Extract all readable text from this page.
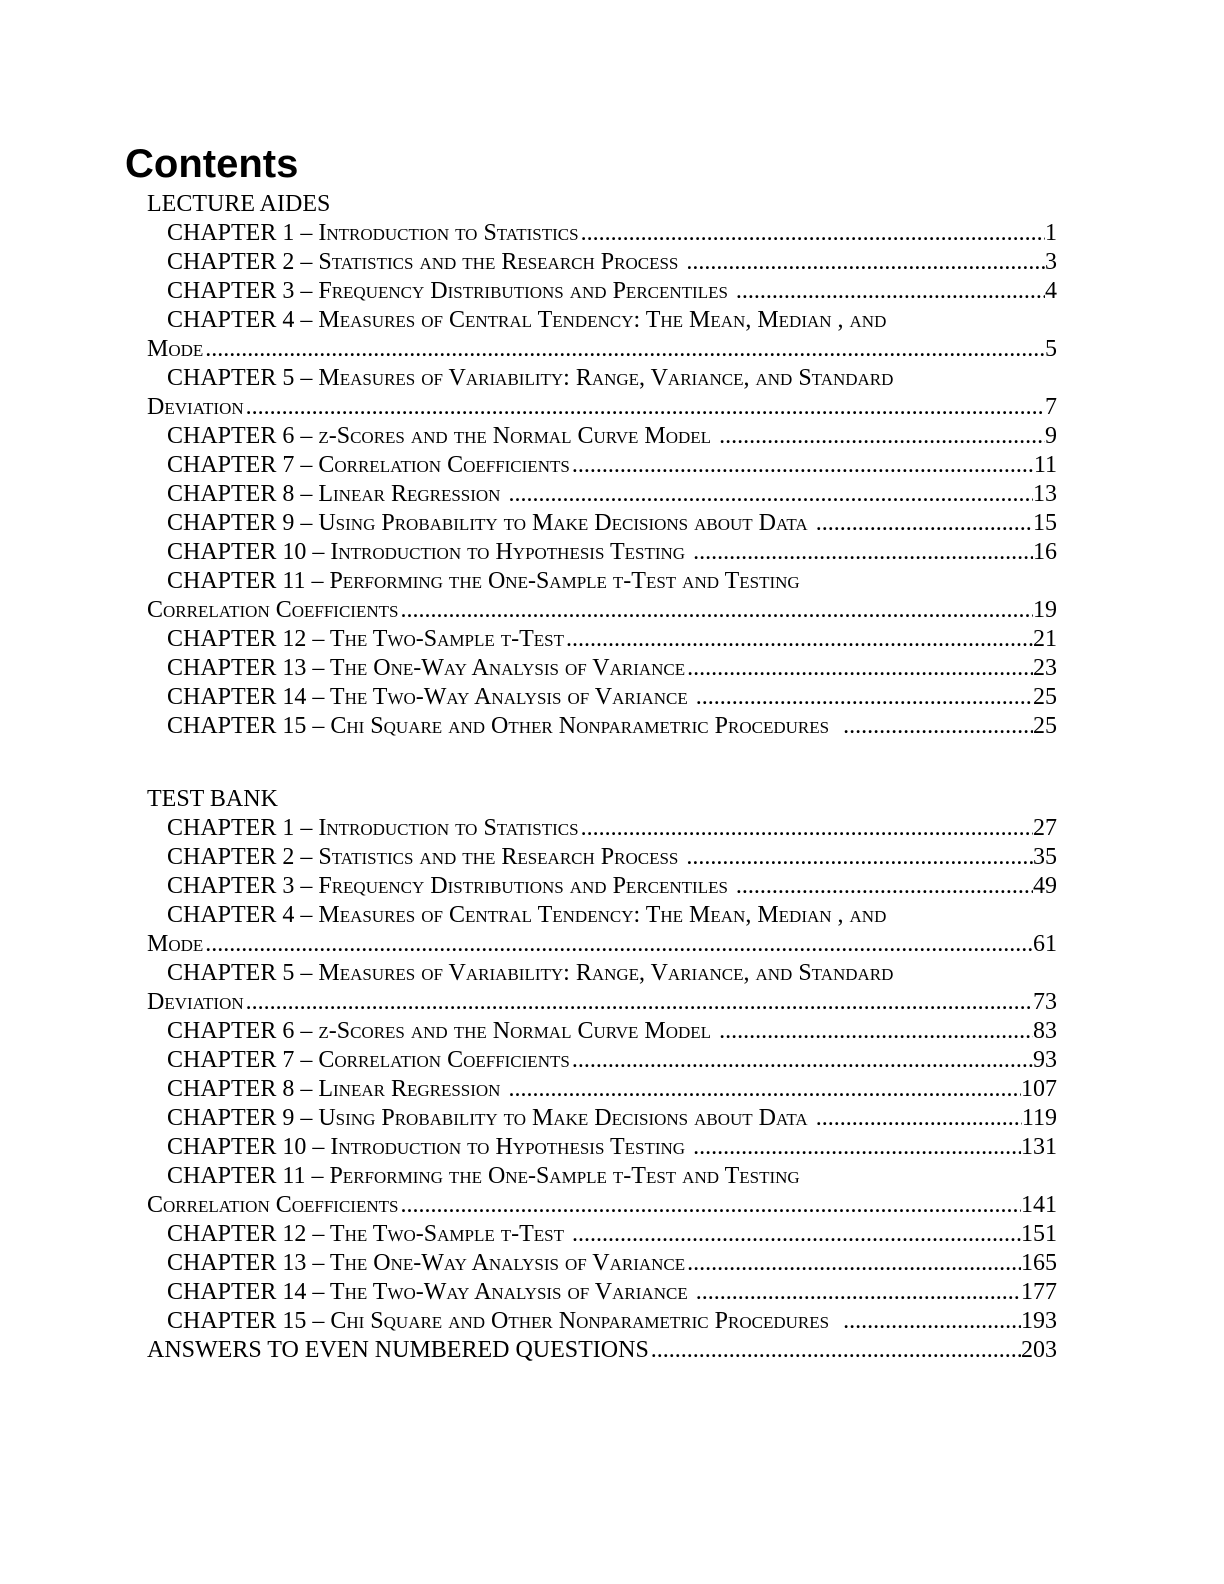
Contents
LECTURE AIDES
CHAPTER 1 – Introduction to Statistics .....	1
CHAPTER 2 – Statistics and the Research Process .....	3
CHAPTER 3 – Frequency Distributions and Percentiles .....	4
CHAPTER 4 – Measures of Central Tendency: The Mean, Median , and
Mode .....	5
CHAPTER 5 – Measures of Variability: Range, Variance, and Standard
Deviation .....	7
CHAPTER 6 – z-Scores and the Normal Curve Model .....	9
CHAPTER 7 – Correlation Coefficients .....	11
CHAPTER 8 – Linear Regression .....	13
CHAPTER 9 – Using Probability to Make Decisions about Data .....	15
CHAPTER 10 – Introduction to Hypothesis Testing .....	16
CHAPTER 11 – Performing the One-Sample t-Test and Testing
Correlation Coefficients .....	19
CHAPTER 12 – The Two-Sample t-Test .....	21
CHAPTER 13 – The One-Way Analysis of Variance .....	23
CHAPTER 14 – The Two-Way Analysis of Variance .....	25
CHAPTER 15 – Chi Square and Other Nonparametric Procedures .....	25
TEST BANK
CHAPTER 1 – Introduction to Statistics .....	27
CHAPTER 2 – Statistics and the Research Process .....	35
CHAPTER 3 – Frequency Distributions and Percentiles .....	49
CHAPTER 4 – Measures of Central Tendency: The Mean, Median , and
Mode .....	61
CHAPTER 5 – Measures of Variability: Range, Variance, and Standard
Deviation .....	73
CHAPTER 6 – z-Scores and the Normal Curve Model .....	83
CHAPTER 7 – Correlation Coefficients .....	93
CHAPTER 8 – Linear Regression .....	107
CHAPTER 9 – Using Probability to Make Decisions about Data .....	119
CHAPTER 10 – Introduction to Hypothesis Testing .....	131
CHAPTER 11 – Performing the One-Sample t-Test and Testing
Correlation Coefficients .....	141
CHAPTER 12 – The Two-Sample t-Test .....	151
CHAPTER 13 – The One-Way Analysis of Variance .....	165
CHAPTER 14 – The Two-Way Analysis of Variance .....	177
CHAPTER 15 – Chi Square and Other Nonparametric Procedures .....	193
ANSWERS TO EVEN NUMBERED QUESTIONS .....	203
